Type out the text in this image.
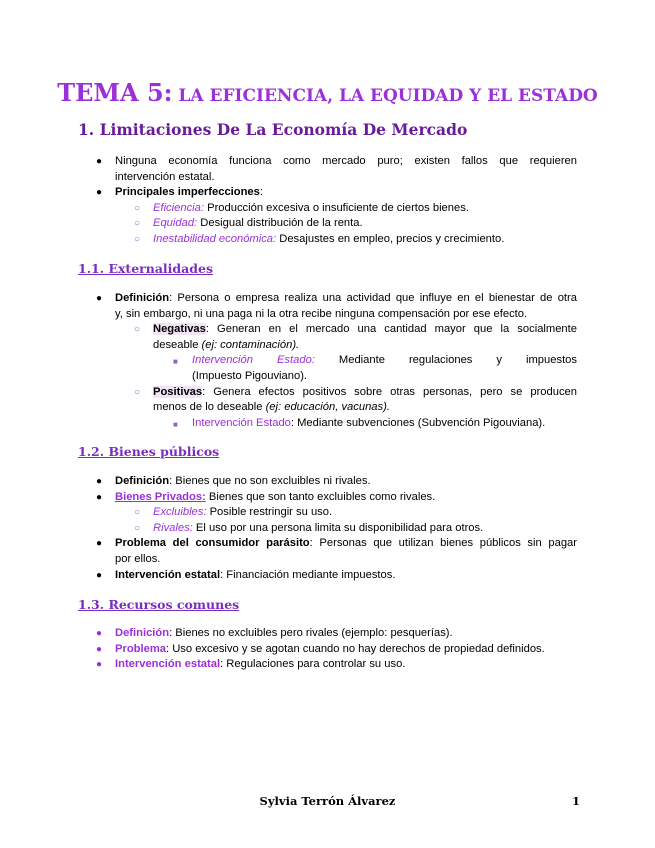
TEMA 5: LA EFICIENCIA, LA EQUIDAD Y EL ESTADO
1. Limitaciones De La Economía De Mercado
● Ninguna economía funciona como mercado puro; existen fallos que requieren
intervención estatal.
● Principales imperfecciones:
○ Eficiencia: Producción excesiva o insuficiente de ciertos bienes.
○ Equidad: Desigual distribución de la renta.
○ Inestabilidad económica: Desajustes en empleo, precios y crecimiento.
1.1. Externalidades
● Definición: Persona o empresa realiza una actividad que influye en el bienestar de otra
y, sin embargo, ni una paga ni la otra recibe ninguna compensación por ese efecto.
○ Negativas: Generan en el mercado una cantidad mayor que la socialmente
deseable (ej: contaminación).
■ Intervención Estado: Mediante regulaciones y impuestos
(Impuesto Pigouviano).
○ Positivas: Genera efectos positivos sobre otras personas, pero se producen
menos de lo deseable (ej: educación, vacunas).
■ Intervención Estado: Mediante subvenciones (Subvención Pigouviana).
1.2. Bienes públicos
● Definición: Bienes que no son excluibles ni rivales.
● Bienes Privados: Bienes que son tanto excluibles como rivales.
○ Excluibles: Posible restringir su uso.
○ Rivales: El uso por una persona limita su disponibilidad para otros.
● Problema del consumidor parásito: Personas que utilizan bienes públicos sin pagar
por ellos.
● Intervención estatal: Financiación mediante impuestos.
1.3. Recursos comunes
● Definición: Bienes no excluibles pero rivales (ejemplo: pesquerías).
● Problema: Uso excesivo y se agotan cuando no hay derechos de propiedad definidos.
● Intervención estatal: Regulaciones para controlar su uso.
Sylvia Terrón Álvarez	1
